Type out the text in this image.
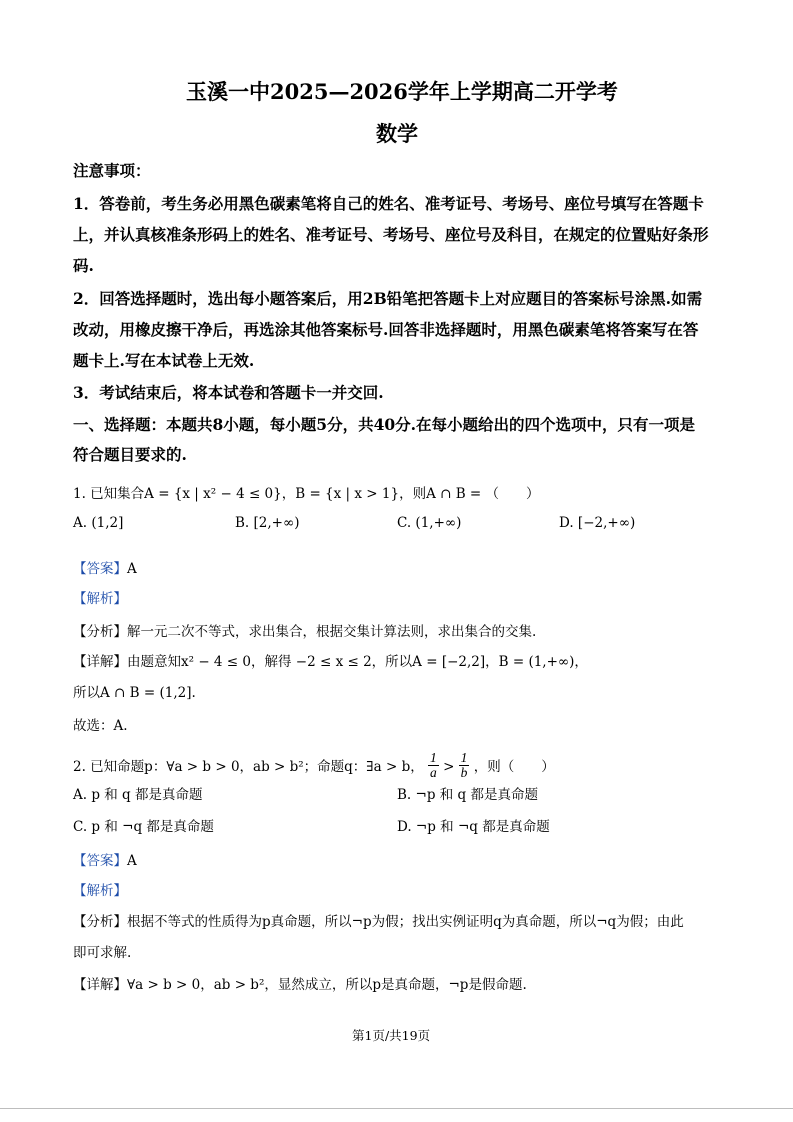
玉溪一中2025—2026学年上学期高二开学考
数学
注意事项：
1．答卷前，考生务必用黑色碳素笔将自己的姓名、准考证号、考场号、座位号填写在答题卡
上，并认真核准条形码上的姓名、准考证号、考场号、座位号及科目，在规定的位置贴好条形
码.
2．回答选择题时，选出每小题答案后，用2B铅笔把答题卡上对应题目的答案标号涂黑.如需
改动，用橡皮擦干净后，再选涂其他答案标号.回答非选择题时，用黑色碳素笔将答案写在答
题卡上.写在本试卷上无效.
3．考试结束后，将本试卷和答题卡一并交回.
一、选择题：本题共8小题，每小题5分，共40分.在每小题给出的四个选项中，只有一项是
符合题目要求的.
1. 已知集合A = {x | x² − 4 ≤ 0}，B = {x | x > 1}，则A ∩ B = （　　）
A. (1,2]	B. [2,+∞)	C. (1,+∞)	D. [−2,+∞)
【答案】A
【解析】
【分析】解一元二次不等式，求出集合，根据交集计算法则，求出集合的交集.
【详解】由题意知x² − 4 ≤ 0，解得 −2 ≤ x ≤ 2，所以A = [−2,2]，B = (1,+∞)，
所以A ∩ B = (1,2].
故选：A.
2. 已知命题p：∀a > b > 0，ab > b²；命题q：∃a > b， $\frac{1}{a} > \frac{1}{b}$ ，则（　　）
A. p 和 q 都是真命题	B. ¬p 和 q 都是真命题
C. p 和 ¬q 都是真命题	D. ¬p 和 ¬q 都是真命题
【答案】A
【解析】
【分析】根据不等式的性质得为p真命题，所以¬p为假；找出实例证明q为真命题，所以¬q为假；由此
即可求解.
【详解】∀a > b > 0，ab > b²，显然成立，所以p是真命题，¬p是假命题.
第1页/共19页
